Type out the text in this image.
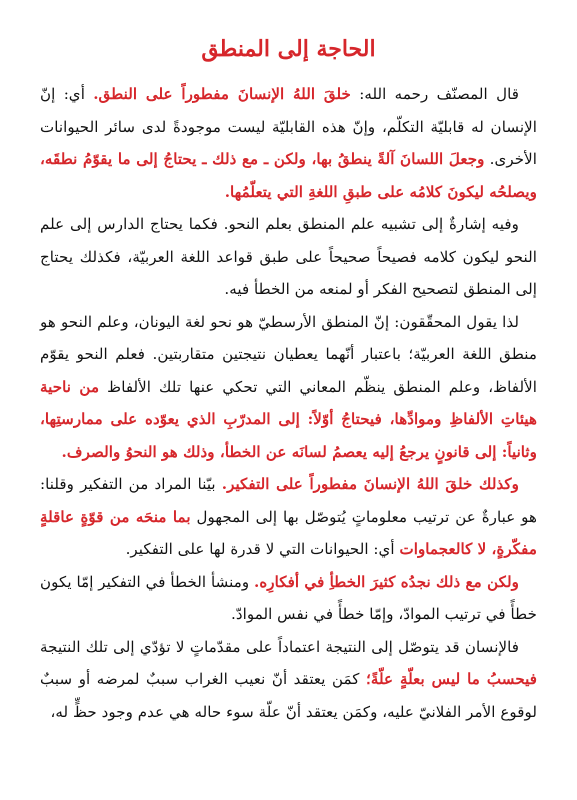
الحاجة إلى المنطق

قال المصنّف رحمه الله: خلقَ اللهُ الإنسانَ مفطوراً على النطق. أي: إنّ الإنسان له قابليّة التكلّم، وإنّ هذه القابليّة ليست موجودةً لدى سائر الحيوانات الأخرى. وجعلَ اللسانَ آلةً ينطقُ بها، ولكن ـ مع ذلك ـ يحتاجُ إلى ما يقوّمُ نطقَه، ويصلحُه ليكونَ كلامُه على طبقِ اللغةِ التي يتعلّمُها.

وفيه إشارةٌ إلى تشبيه علم المنطق بعلم النحو. فكما يحتاج الدارس إلى علم النحو ليكون كلامه فصيحاً صحيحاً على طبق قواعد اللغة العربيّة، فكذلك يحتاج إلى المنطق لتصحيح الفكر أو لمنعه من الخطأ فيه.

لذا يقول المحقّقون: إنّ المنطق الأرسطيّ هو نحو لغة اليونان، وعلم النحو هو منطق اللغة العربيّة؛ باعتبار أنّهما يعطيان نتيجتين متقاربتين. فعلم النحو يقوّم الألفاظ، وعلم المنطق ينظّم المعاني التي تحكي عنها تلك الألفاظ من ناحية هيئاتِ الألفاظِ وموادِّها، فيحتاجُ أوّلاً: إلى المدرّبِ الذي يعوّده على ممارستِها، وثانياً: إلى قانونٍ يرجعُ إليه يعصمُ لسانَه عن الخطأ، وذلك هو النحوُ والصرف.

وكذلك خلقَ اللهُ الإنسانَ مفطوراً على التفكير. بيّنا المراد من التفكير وقلنا: هو عبارةٌ عن ترتيب معلوماتٍ يُتوصّل بها إلى المجهول بما منحَه من قوّةٍ عاقلةٍ مفكّرةٍ، لا كالعجماوات أي: الحيوانات التي لا قدرة لها على التفكير.

ولكن مع ذلك نجدُه كثيرَ الخطأِ في أفكارِه. ومنشأ الخطأ في التفكير إمّا يكون خطأً في ترتيب الموادّ، وإمّا خطأً في نفس الموادّ.

فالإنسان قد يتوصّل إلى النتيجة اعتماداً على مقدّماتٍ لا تؤدّي إلى تلك النتيجة فيحسبُ ما ليس بعلّةٍ علّةً؛ كمَن يعتقد أنّ نعيب الغراب سببٌ لمرضه أو سببٌ لوقوع الأمر الفلانيّ عليه، وكمَن يعتقد أنّ علّة سوء حاله هي عدم وجود حظٍّ له،
